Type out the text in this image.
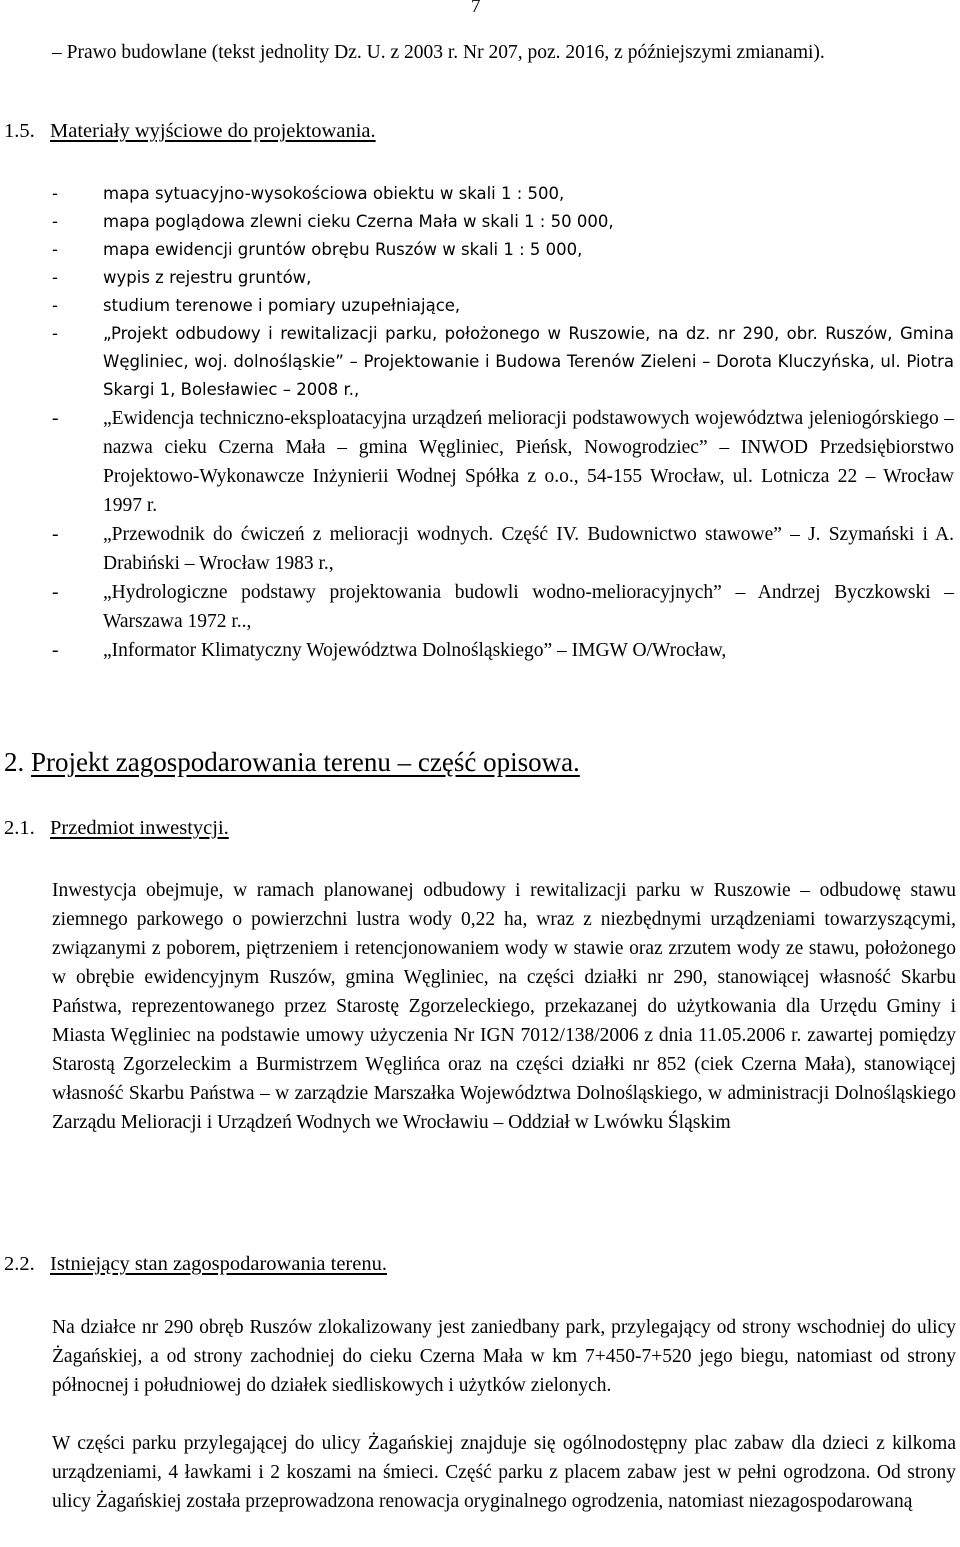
7

– Prawo budowlane (tekst jednolity Dz. U. z 2003 r. Nr 207, poz. 2016, z późniejszymi zmianami).

1.5. Materiały wyjściowe do projektowania.
-	mapa sytuacyjno-wysokościowa obiektu w skali 1 : 500,
-	mapa poglądowa zlewni cieku Czerna Mała w skali 1 : 50 000,
-	mapa ewidencji gruntów obrębu Ruszów w skali 1 : 5 000,
-	wypis z rejestru gruntów,
-	studium terenowe i pomiary uzupełniające,
-	„Projekt odbudowy i rewitalizacji parku, położonego w Ruszowie, na dz. nr 290, obr. Ruszów, Gmina Węgliniec, woj. dolnośląskie” – Projektowanie i Budowa Terenów Zieleni – Dorota Kluczyńska, ul. Piotra Skargi 1, Bolesławiec – 2008 r.,
- „Ewidencja techniczno-eksploatacyjna urządzeń melioracji podstawowych województwa jeleniogórskiego – nazwa cieku Czerna Mała – gmina Węgliniec, Pieńsk, Nowogrodziec” – INWOD Przedsiębiorstwo Projektowo-Wykonawcze Inżynierii Wodnej Spółka z o.o., 54-155 Wrocław, ul. Lotnicza 22 – Wrocław 1997 r.
- „Przewodnik do ćwiczeń z melioracji wodnych. Część IV. Budownictwo stawowe” – J. Szymański i A. Drabiński – Wrocław 1983 r.,
- „Hydrologiczne podstawy projektowania budowli wodno-melioracyjnych” – Andrzej Byczkowski – Warszawa 1972 r..,
- „Informator Klimatyczny Województwa Dolnośląskiego” – IMGW O/Wrocław,
2. Projekt zagospodarowania terenu – część opisowa.
2.1. Przedmiot inwestycji.

Inwestycja obejmuje, w ramach planowanej odbudowy i rewitalizacji parku w Ruszowie – odbudowę stawu ziemnego parkowego o powierzchni lustra wody 0,22 ha, wraz z niezbędnymi urządzeniami towarzyszącymi, związanymi z poborem, piętrzeniem i retencjonowaniem wody w stawie oraz zrzutem wody ze stawu, położonego w obrębie ewidencyjnym Ruszów, gmina Węgliniec, na części działki nr 290, stanowiącej własność Skarbu Państwa, reprezentowanego przez Starostę Zgorzeleckiego, przekazanej do użytkowania dla Urzędu Gminy i Miasta Węgliniec na podstawie umowy użyczenia Nr IGN 7012/138/2006 z dnia 11.05.2006 r. zawartej pomiędzy Starostą Zgorzeleckim a Burmistrzem Węglińca oraz na części działki nr 852 (ciek Czerna Mała), stanowiącej własność Skarbu Państwa – w zarządzie Marszałka Województwa Dolnośląskiego, w administracji Dolnośląskiego Zarządu Melioracji i Urządzeń Wodnych we Wrocławiu – Oddział w Lwówku Śląskim

2.2. Istniejący stan zagospodarowania terenu.

Na działce nr 290 obręb Ruszów zlokalizowany jest zaniedbany park, przylegający od strony wschodniej do ulicy Żagańskiej, a od strony zachodniej do cieku Czerna Mała w km 7+450-7+520 jego biegu, natomiast od strony północnej i południowej do działek siedliskowych i użytków zielonych.

W części parku przylegającej do ulicy Żagańskiej znajduje się ogólnodostępny plac zabaw dla dzieci z kilkoma urządzeniami, 4 ławkami i 2 koszami na śmieci. Część parku z placem zabaw jest w pełni ogrodzona. Od strony ulicy Żagańskiej została przeprowadzona renowacja oryginalnego ogrodzenia, natomiast niezagospodarowaną
